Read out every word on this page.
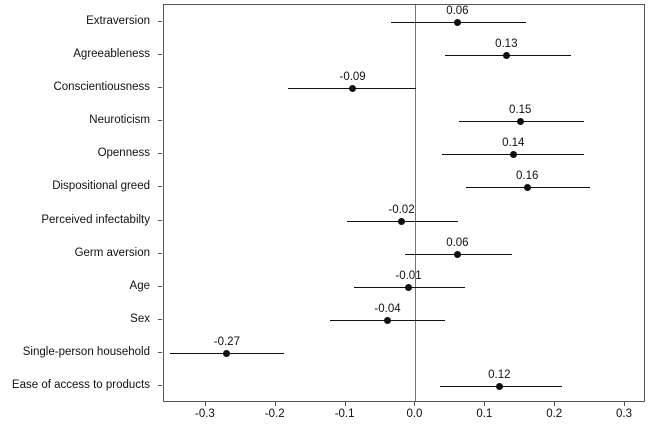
Extraversion
Agreeableness
Conscientiousness
Neuroticism
Openness
Dispositional greed
Perceived infectabilty
Germ aversion
Age
Sex
Single-person household
Ease of access to products
0.06
0.13
-0.09
0.15
0.14
0.16
-0.02
0.06
-0.01
-0.04
-0.27
0.12
-0.3	-0.2	-0.1	0.0	0.1	0.2	0.3
